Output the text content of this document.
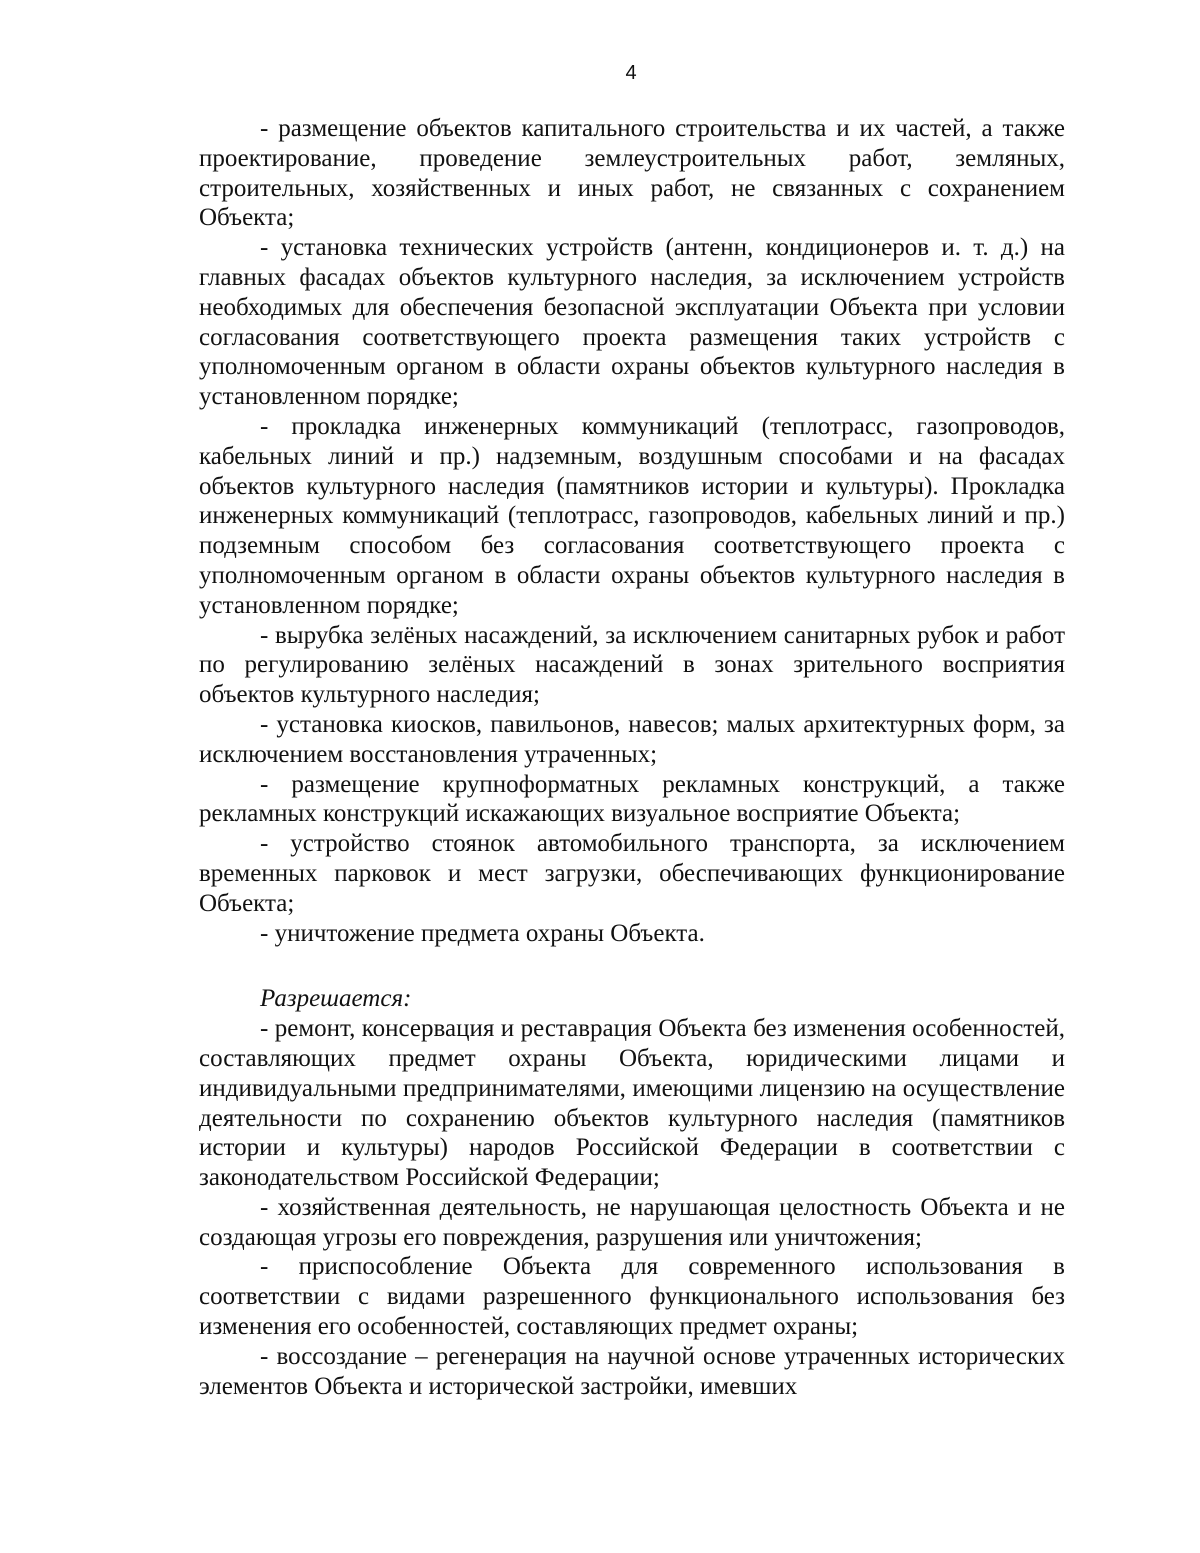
4

- размещение объектов капитального строительства и их частей, а также проектирование, проведение землеустроительных работ, земляных, строительных, хозяйственных и иных работ, не связанных с сохранением Объекта;

- установка технических устройств (антенн, кондиционеров и. т. д.) на главных фасадах объектов культурного наследия, за исключением устройств необходимых для обеспечения безопасной эксплуатации Объекта при условии согласования соответствующего проекта размещения таких устройств с уполномоченным органом в области охраны объектов культурного наследия в установленном порядке;

- прокладка инженерных коммуникаций (теплотрасс, газопроводов, кабельных линий и пр.) надземным, воздушным способами и на фасадах объектов культурного наследия (памятников истории и культуры). Прокладка инженерных коммуникаций (теплотрасс, газопроводов, кабельных линий и пр.) подземным способом без согласования соответствующего проекта с уполномоченным органом в области охраны объектов культурного наследия в установленном порядке;

- вырубка зелёных насаждений, за исключением санитарных рубок и работ по регулированию зелёных насаждений в зонах зрительного восприятия объектов культурного наследия;

- установка киосков, павильонов, навесов; малых архитектурных форм, за исключением восстановления утраченных;

- размещение крупноформатных рекламных конструкций, а также рекламных конструкций искажающих визуальное восприятие Объекта;

- устройство стоянок автомобильного транспорта, за исключением временных парковок и мест загрузки, обеспечивающих функционирование Объекта;

- уничтожение предмета охраны Объекта.

Разрешается:

- ремонт, консервация и реставрация Объекта без изменения особенностей, составляющих предмет охраны Объекта, юридическими лицами и индивидуальными предпринимателями, имеющими лицензию на осуществление деятельности по сохранению объектов культурного наследия (памятников истории и культуры) народов Российской Федерации в соответствии с законодательством Российской Федерации;

- хозяйственная деятельность, не нарушающая целостность Объекта и не создающая угрозы его повреждения, разрушения или уничтожения;

- приспособление Объекта для современного использования в соответствии с видами разрешенного функционального использования без изменения его особенностей, составляющих предмет охраны;

- воссоздание – регенерация на научной основе утраченных исторических элементов Объекта и исторической застройки, имевших
